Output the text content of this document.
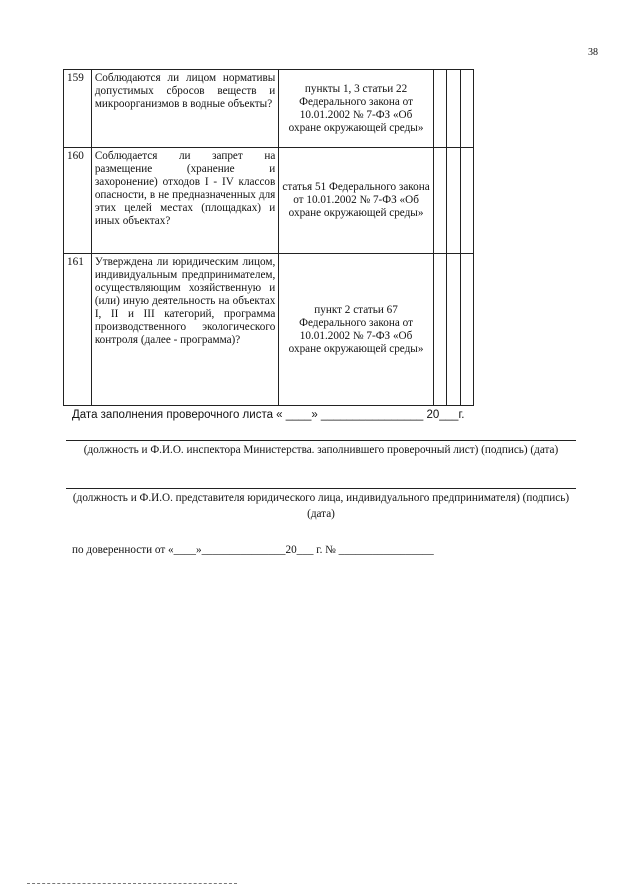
38
159	Соблюдаются ли лицом нормативы допустимых сбросов веществ и микроорганизмов в водные объекты?	пункты 1, 3 статьи 22 Федерального закона от 10.01.2002 № 7-ФЗ «Об охране окружающей среды»			
160	Соблюдается ли запрет на размещение (хранение и захоронение) отходов I - IV классов опасности, в не предназначенных для этих целей местах (площадках) и иных объектах?	статья 51 Федерального закона от 10.01.2002 № 7-ФЗ «Об охране окружающей среды»			
161	Утверждена ли юридическим лицом, индивидуальным предпринимателем, осуществляющим хозяйственную и (или) иную деятельность на объектах I, II и III категорий, программа производственного экологического контроля (далее - программа)?	пункт 2 статьи 67 Федерального закона от 10.01.2002 № 7-ФЗ «Об охране окружающей среды»			
Дата заполнения проверочного листа « ____» ________________ 20___г.
(должность и Ф.И.О. инспектора Министерства. заполнившего проверочный лист) (подпись) (дата)
(должность и Ф.И.О. представителя юридического лица, индивидуального предпринимателя) (подпись) (дата)
по доверенности от «____»_______________20___ г. № _________________
